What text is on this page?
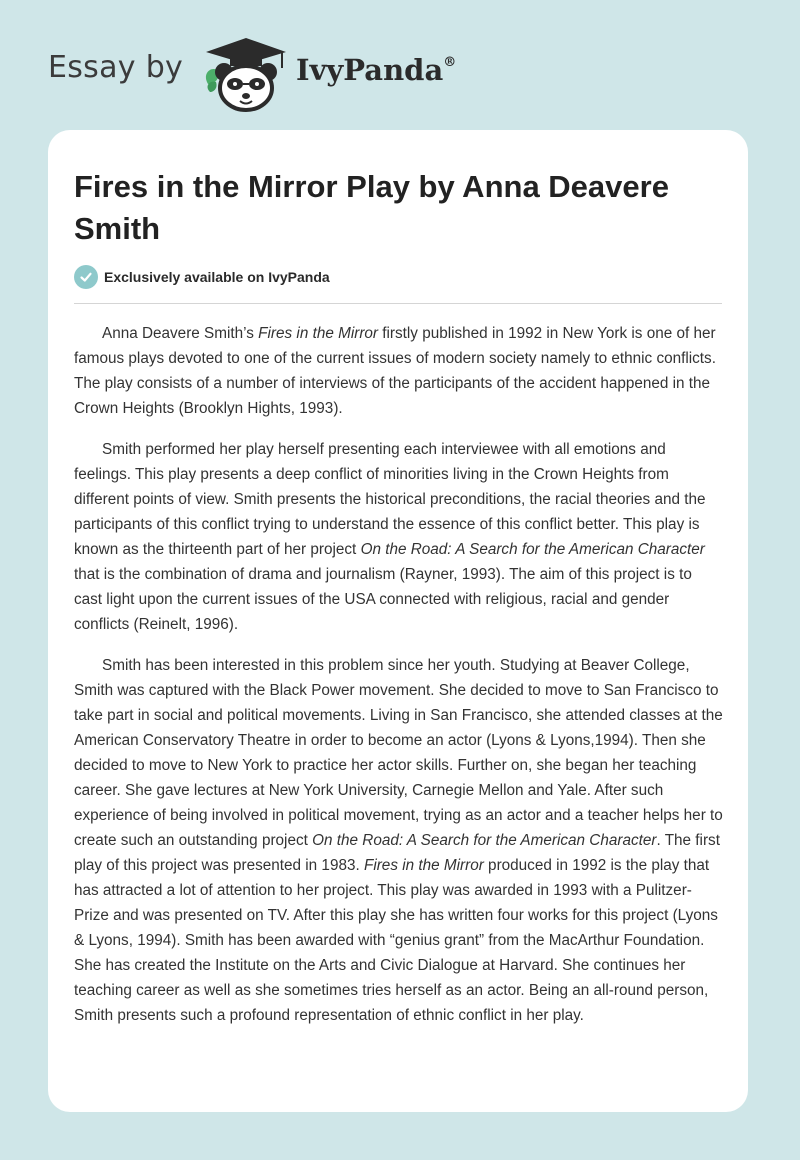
Essay by	IvyPanda®
Fires in the Mirror Play by Anna Deavere Smith
Exclusively available on IvyPanda

Anna Deavere Smith’s Fires in the Mirror firstly published in 1992 in New York is one of her famous plays devoted to one of the current issues of modern society namely to ethnic conflicts. The play consists of a number of interviews of the participants of the accident happened in the Crown Heights (Brooklyn Hights, 1993).

Smith performed her play herself presenting each interviewee with all emotions and feelings. This play presents a deep conflict of minorities living in the Crown Heights from different points of view. Smith presents the historical preconditions, the racial theories and the participants of this conflict trying to understand the essence of this conflict better. This play is known as the thirteenth part of her project On the Road: A Search for the American Character that is the combination of drama and journalism (Rayner, 1993). The aim of this project is to cast light upon the current issues of the USA connected with religious, racial and gender conflicts (Reinelt, 1996).

Smith has been interested in this problem since her youth. Studying at Beaver College, Smith was captured with the Black Power movement. She decided to move to San Francisco to take part in social and political movements. Living in San Francisco, she attended classes at the American Conservatory Theatre in order to become an actor (Lyons & Lyons,1994). Then she decided to move to New York to practice her actor skills. Further on, she began her teaching career. She gave lectures at New York University, Carnegie Mellon and Yale. After such experience of being involved in political movement, trying as an actor and a teacher helps her to create such an outstanding project On the Road: A Search for the American Character. The first play of this project was presented in 1983. Fires in the Mirror produced in 1992 is the play that has attracted a lot of attention to her project. This play was awarded in 1993 with a Pulitzer-Prize and was presented on TV. After this play she has written four works for this project (Lyons & Lyons, 1994). Smith has been awarded with “genius grant” from the MacArthur Foundation. She has created the Institute on the Arts and Civic Dialogue at Harvard. She continues her teaching career as well as she sometimes tries herself as an actor. Being an all-round person, Smith presents such a profound representation of ethnic conflict in her play.
